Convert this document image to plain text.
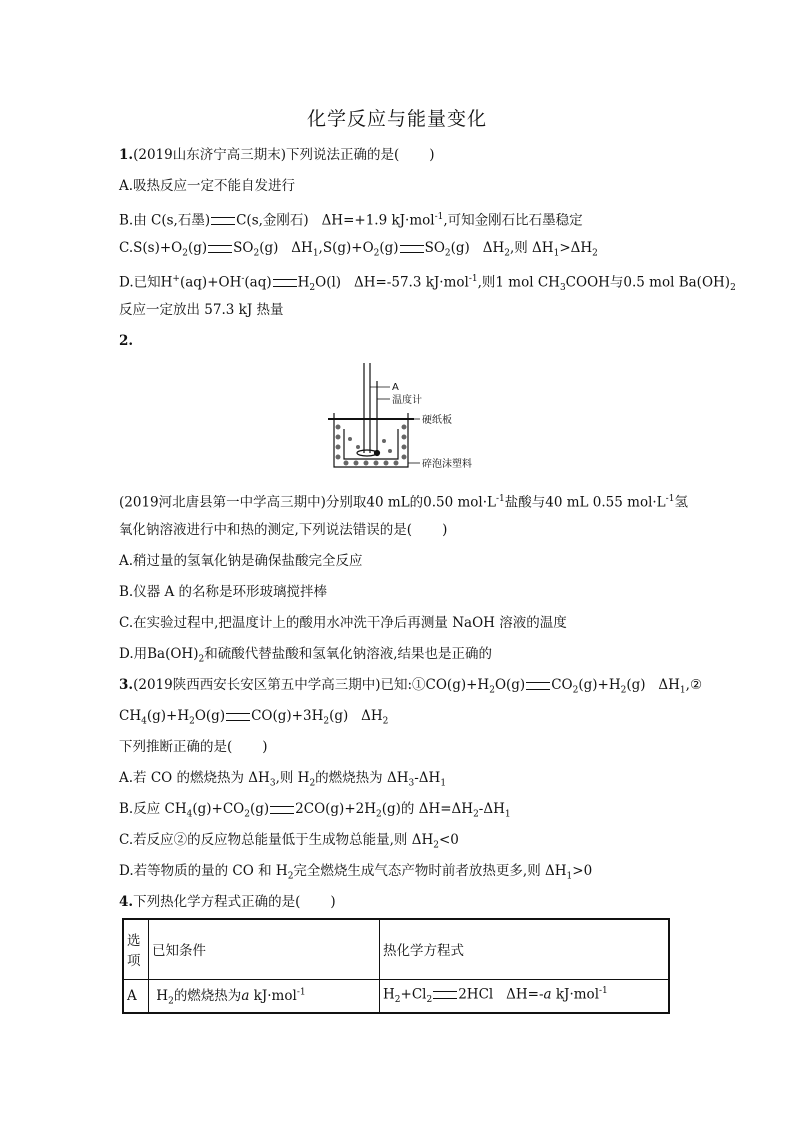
化学反应与能量变化
1.(2019山东济宁高三期末)下列说法正确的是( )
A.吸热反应一定不能自发进行
B.由 C(s,石墨) C(s,金刚石) ΔH=+1.9 kJ·mol$^{-1}$,可知金刚石比石墨稳定
$C.S(s)+O_2(g)$ $SO_2(g)$ $\Delta H_1,S(g)+O_2(g)$ $SO_2(g)$ $\Delta H_2$,则 $\Delta H_1>\Delta H_2$
D.已知H+(aq)+OH-(aq) $H_2O(l)$ ΔH=-57.3 kJ·mol$^{-1}$,则1 mol $CH_3COOH$与0.5 mol $Ba(OH)_2$
反应一定放出 57.3 kJ 热量
2.
A
温度计
硬纸板
碎泡沫塑料
(2019河北唐县第一中学高三期中)分别取40 mL的0.50 $mol\cdot L^{-1}$盐酸与40 mL 0.55 $mol\cdot L^{-1}$氢
氧化钠溶液进行中和热的测定,下列说法错误的是( )
A.稍过量的氢氧化钠是确保盐酸完全反应
B.仪器 A 的名称是环形玻璃搅拌棒
C.在实验过程中,把温度计上的酸用水冲洗干净后再测量 NaOH 溶液的温度
D.用$Ba(OH)_2$和硫酸代替盐酸和氢氧化钠溶液,结果也是正确的
3.(2019陕西西安长安区第五中学高三期中)已知$:①CO(g)+H_2O(g)$ $CO_2(g)+H_2(g)$ $\Delta H_1,②$
$CH_4(g)+H_2O(g)$ $CO(g)+3H_2(g)$ $\Delta H_2$
下列推断正确的是( )
A.若 CO 的燃烧热为 $\Delta H_3$,则 $H_2$的燃烧热为 $\Delta H_3-\Delta H_1$
B.反应 $CH_4(g)+CO_2(g)$ $2CO(g)+2H_2(g)$的 $\Delta H=\Delta H_2-\Delta H_1$
C.若反应②的反应物总能量低于生成物总能量,则 $\Delta H_2<0$
D.若等物质的量的 CO 和 $H_2$完全燃烧生成气态产物时前者放热更多,则 $\Delta H_1>0$
4.下列热化学方程式正确的是( )
选
项	已知条件	热化学方程式
A	$H_2$的燃烧热为a kJ·mol$^{-1}$	$H_2+Cl_2$ 2HCl ΔH=-a kJ·mol$^{-1}$
